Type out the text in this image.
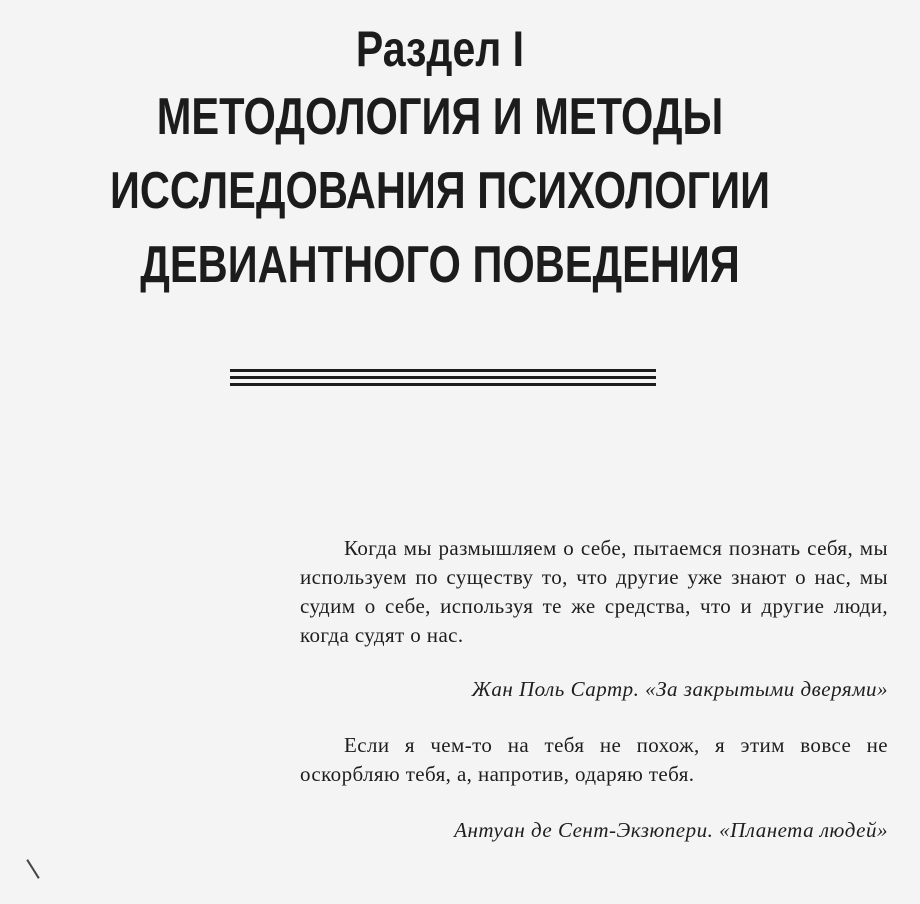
Раздел I
МЕТОДОЛОГИЯ И МЕТОДЫ
ИССЛЕДОВАНИЯ ПСИХОЛОГИИ
ДЕВИАНТНОГО ПОВЕДЕНИЯ

Когда мы размышляем о себе, пытаемся познать себя, мы используем по существу то, что другие уже знают о нас, мы судим о себе, используя те же средства, что и другие люди, когда судят о нас.

Жан Поль Сартр. «За закрытыми дверями»

Если я чем-то на тебя не похож, я этим вовсе не оскорбляю тебя, а, напротив, одаряю тебя.

Антуан де Сент-Экзюпери. «Планета людей»
